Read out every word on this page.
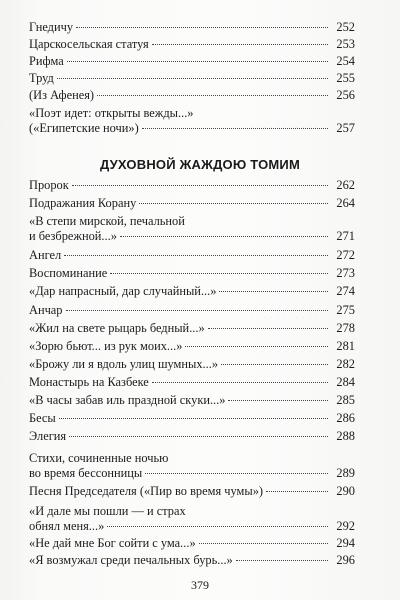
· · · · · · · · · · ·
· · · · · · · · · · ·
· · · · · · · · · · ·
Гнедичу	252
Царскосельская статуя	253
Рифма	254
Труд	255
(Из Афенея)	256
«Поэт идет: открыты вежды...»
(«Египетские ночи»)	257
ДУХОВНОЙ ЖАЖДОЮ ТОМИМ
Пророк	262
Подражания Корану	264
«В степи мирской, печальной
и безбрежной...»	271
Ангел	272
Воспоминание	273
«Дар напрасный, дар случайный...»	274
Анчар	275
«Жил на свете рыцарь бедный...»	278
«Зорю бьют... из рук моих...»	281
«Брожу ли я вдоль улиц шумных...»	282
Монастырь на Казбеке	284
«В часы забав иль праздной скуки...»	285
Бесы	286
Элегия	288
Стихи, сочиненные ночью
во время бессонницы	289
Песня Председателя («Пир во время чумы»)	290
«И дале мы пошли — и страх
обнял меня...»	292
«Не дай мне Бог сойти с ума...»	294
«Я возмужал среди печальных бурь...»	296
379
